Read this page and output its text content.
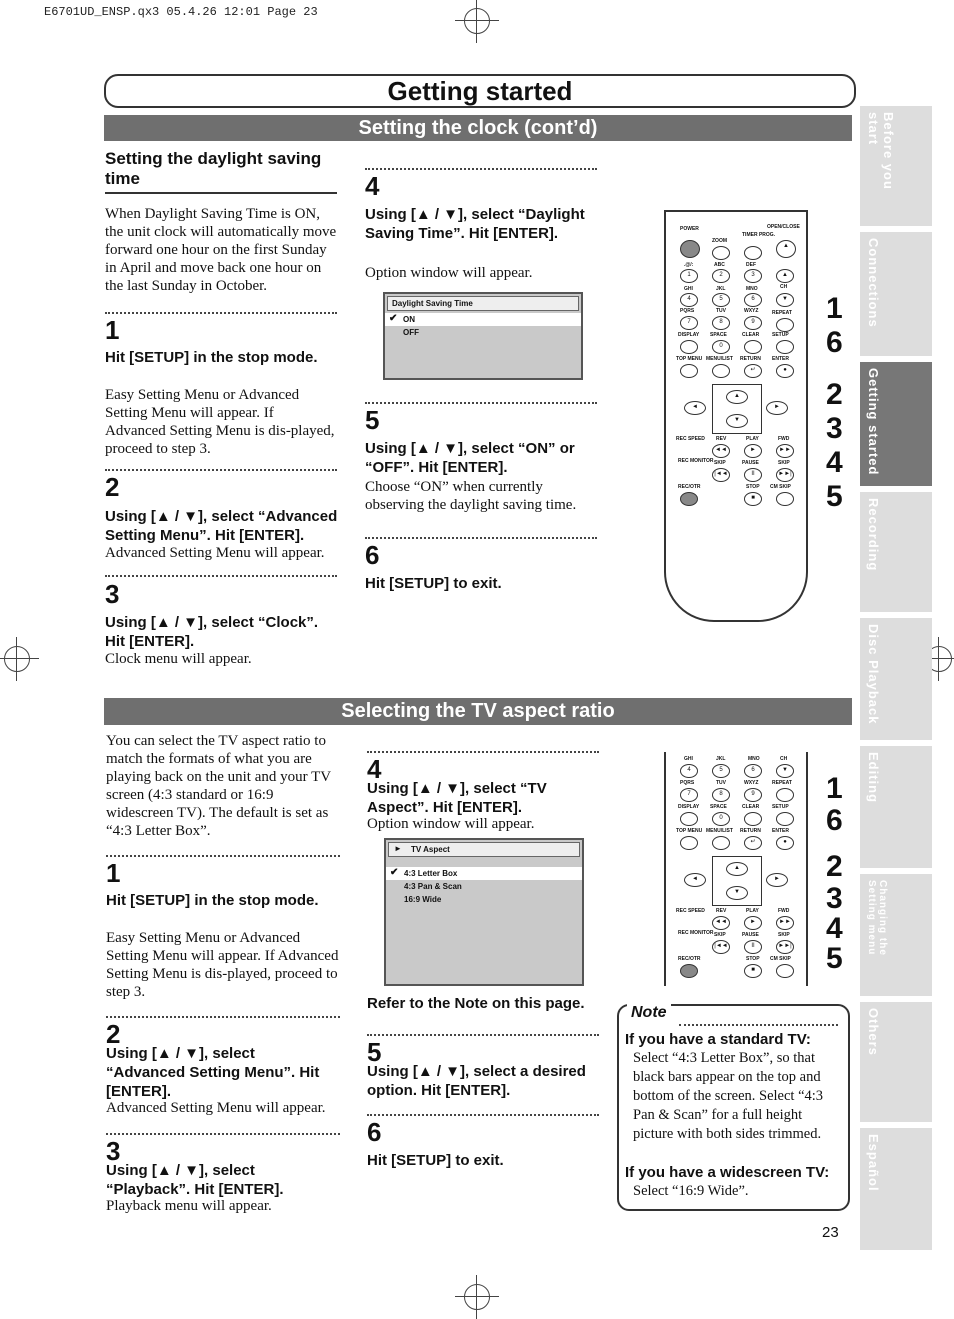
E6701UD_ENSP.qx3 05.4.26 12:01 Page 23
Getting started
Setting the clock (cont’d)
Setting the daylight saving time
When Daylight Saving Time is ON, the unit clock will automatically move forward one hour on the first Sunday in April and move back one hour on the last Sunday in October.
1
Hit [SETUP] in the stop mode.
Easy Setting Menu or Advanced Setting Menu will appear. If Advanced Setting Menu is dis-played, proceed to step 3.
2
Using [▲ / ▼], select “Advanced Setting Menu”. Hit [ENTER].
Advanced Setting Menu will appear.
3
Using [▲ / ▼], select “Clock”. Hit [ENTER].
Clock menu will appear.
4
Using [▲ / ▼], select “Daylight Saving Time”. Hit [ENTER].
Option window will appear.
Daylight Saving Time
✔ ON
OFF
5
Using [▲ / ▼], select “ON” or “OFF”. Hit [ENTER].
Choose “ON” when currently observing the daylight saving time.
6
Hit [SETUP] to exit.
POWER	OPEN/CLOSE
ZOOM
TIMER PROG.
▲
.@/:	ABC	DEF
1	2	3	▲
CH
GHI	JKL	MNO
4	5	6	▼
PQRS	TUV	WXYZ	REPEAT
7	8	9
DISPLAY SPACE	CLEAR	SETUP
0
TOP MENU MENU/LIST RETURN ENTER
↵	●
▲
▼
◄	►
REC SPEED REV	PLAY	FWD
◄◄	►	►►
REC MONITOR SKIP	PAUSE	SKIP
|◄◄	II	►►|
REC/OTR	STOP CM SKIP
■
1
6
2
3
4
5
Selecting the TV aspect ratio
You can select the TV aspect ratio to match the formats of what you are playing back on the unit and your TV screen (4:3 standard or 16:9 widescreen TV). The default is set as “4:3 Letter Box”.
1
Hit [SETUP] in the stop mode.
Easy Setting Menu or Advanced Setting Menu will appear. If Advanced Setting Menu is dis-played, proceed to step 3.
2
Using [▲ / ▼], select “Advanced Setting Menu”. Hit [ENTER].
Advanced Setting Menu will appear.
3
Using [▲ / ▼], select “Playback”. Hit [ENTER].
Playback menu will appear.
4
Using [▲ / ▼], select “TV Aspect”. Hit [ENTER].
Option window will appear.
► TV Aspect
✔ 4:3 Letter Box
4:3 Pan & Scan
16:9 Wide
Refer to the Note on this page.
5
Using [▲ / ▼], select a desired option. Hit [ENTER].
6
Hit [SETUP] to exit.
GHI	JKL	MNO	CH
4	5	6	▼
PQRS	TUV	WXYZ	REPEAT
7	8	9
DISPLAY SPACE	CLEAR	SETUP
0
TOP MENU MENU/LIST RETURN ENTER
↵	●
▲
▼
◄	►
REC SPEED REV	PLAY	FWD
◄◄	►	►►
REC MONITOR SKIP	PAUSE	SKIP
|◄◄	II	►►|
REC/OTR	STOP CM SKIP
■
1
6
2
3
4
5
Note
If you have a standard TV:
Select “4:3 Letter Box”, so that black bars appear on the top and bottom of the screen. Select “4:3 Pan & Scan” for a full height picture with both sides trimmed.
If you have a widescreen TV:
Select “16:9 Wide”.
Before you start
Connections
Getting started
Recording
Disc Playback
Editing
Changing the Setting menu
Others
Español
23
